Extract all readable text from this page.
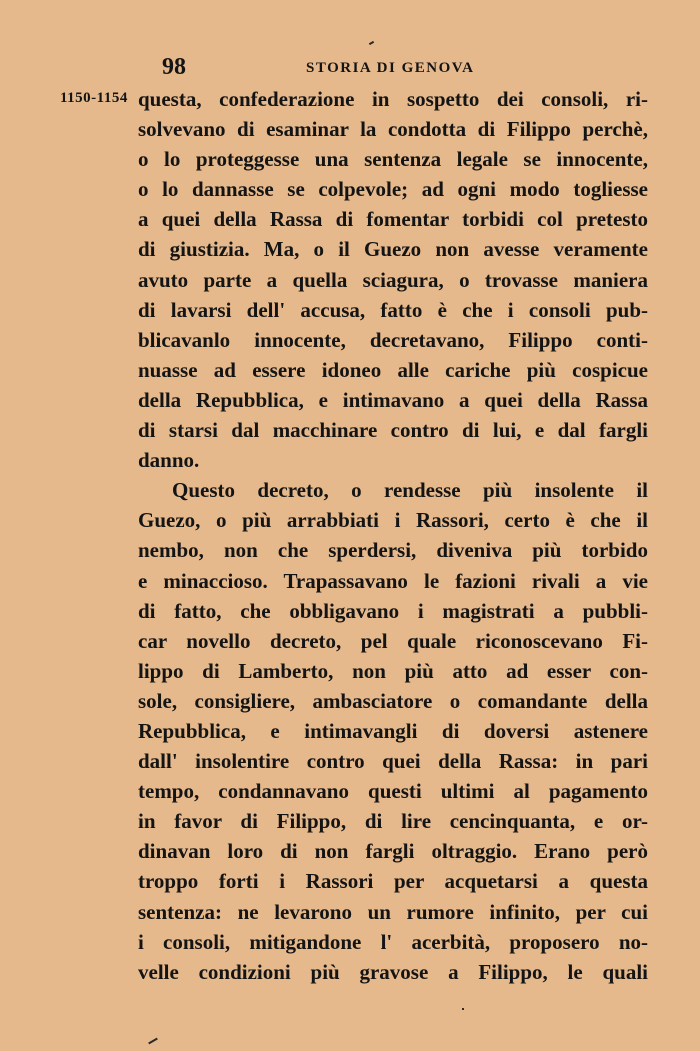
98	STORIA DI GENOVA
1150-1154 questa, confederazione in sospetto dei consoli, ri-
solvevano di esaminar la condotta di Filippo perchè,
o lo proteggesse una sentenza legale se innocente,
o lo dannasse se colpevole; ad ogni modo togliesse
a quei della Rassa di fomentar torbidi col pretesto
di giustizia. Ma, o il Guezo non avesse veramente
avuto parte a quella sciagura, o trovasse maniera
di lavarsi dell' accusa, fatto è che i consoli pub-
blicavanlo innocente, decretavano, Filippo conti-
nuasse ad essere idoneo alle cariche più cospicue
della Repubblica, e intimavano a quei della Rassa
di starsi dal macchinare contro di lui, e dal fargli
danno.
Questo decreto, o rendesse più insolente il
Guezo, o più arrabbiati i Rassori, certo è che il
nembo, non che sperdersi, diveniva più torbido
e minaccioso. Trapassavano le fazioni rivali a vie
di fatto, che obbligavano i magistrati a pubbli-
car novello decreto, pel quale riconoscevano Fi-
lippo di Lamberto, non più atto ad esser con-
sole, consigliere, ambasciatore o comandante della
Repubblica, e intimavangli di doversi astenere
dall' insolentire contro quei della Rassa: in pari
tempo, condannavano questi ultimi al pagamento
in favor di Filippo, di lire cencinquanta, e or-
dinavan loro di non fargli oltraggio. Erano però
troppo forti i Rassori per acquetarsi a questa
sentenza: ne levarono un rumore infinito, per cui
i consoli, mitigandone l' acerbità, proposero no-
velle condizioni più gravose a Filippo, le quali
